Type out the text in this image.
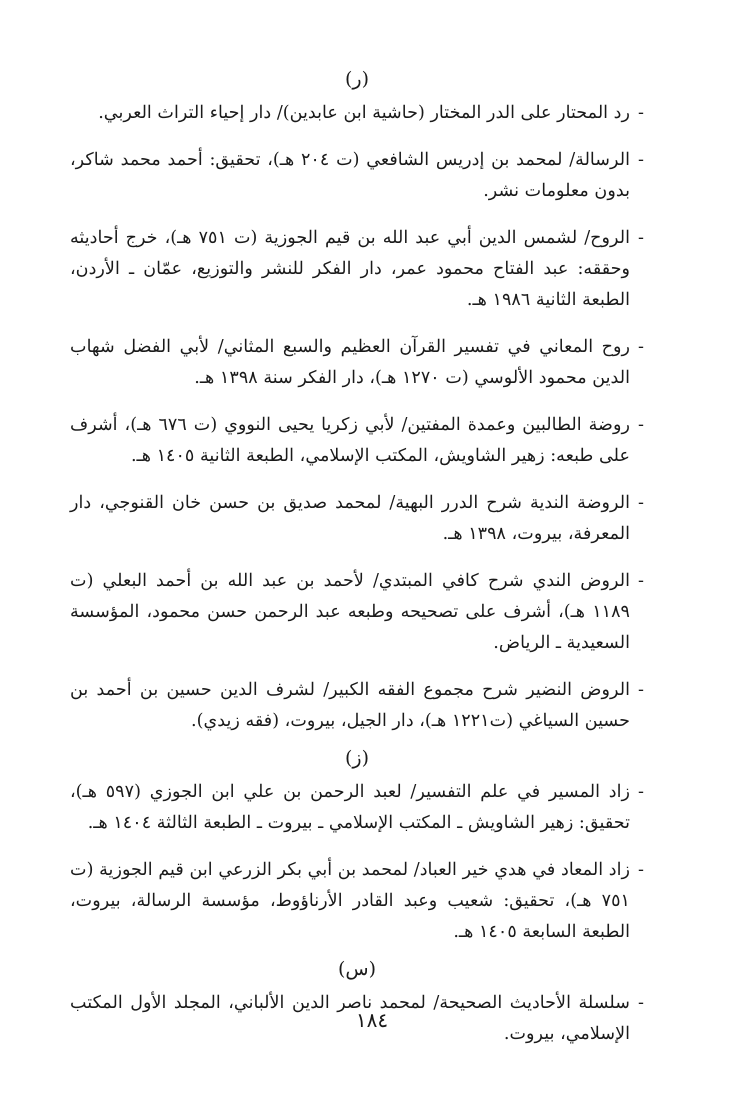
(ر)

-
رد المحتار على الدر المختار (حاشية ابن عابدين)/ دار إحياء التراث العربي.

-
الرسالة/ لمحمد بن إدريس الشافعي (ت ٢٠٤ هـ)، تحقيق: أحمد محمد شاكر، بدون معلومات نشر.

-
الروح/ لشمس الدين أبي عبد الله بن قيم الجوزية (ت ٧٥١ هـ)، خرج أحاديثه وحققه: عبد الفتاح محمود عمر، دار الفكر للنشر والتوزيع، عمّان ـ الأردن، الطبعة الثانية ١٩٨٦ هـ.

-
روح المعاني في تفسير القرآن العظيم والسبع المثاني/ لأبي الفضل شهاب الدين محمود الألوسي (ت ١٢٧٠ هـ)، دار الفكر سنة ١٣٩٨ هـ.

-
روضة الطالبين وعمدة المفتين/ لأبي زكريا يحيى النووي (ت ٦٧٦ هـ)، أشرف على طبعه: زهير الشاويش، المكتب الإسلامي، الطبعة الثانية ١٤٠٥ هـ.

-
الروضة الندية شرح الدرر البهية/ لمحمد صديق بن حسن خان القنوجي، دار المعرفة، بيروت، ١٣٩٨ هـ.

-
الروض الندي شرح كافي المبتدي/ لأحمد بن عبد الله بن أحمد البعلي (ت ١١٨٩ هـ)، أشرف على تصحيحه وطبعه عبد الرحمن حسن محمود، المؤسسة السعيدية ـ الرياض.

-
الروض النضير شرح مجموع الفقه الكبير/ لشرف الدين حسين بن أحمد بن حسين السياغي (ت١٢٢١ هـ)، دار الجيل، بيروت، (فقه زيدي).

(ز)

-
زاد المسير في علم التفسير/ لعبد الرحمن بن علي ابن الجوزي (٥٩٧ هـ)، تحقيق: زهير الشاويش ـ المكتب الإسلامي ـ بيروت ـ الطبعة الثالثة ١٤٠٤ هـ.

-
زاد المعاد في هدي خير العباد/ لمحمد بن أبي بكر الزرعي ابن قيم الجوزية (ت ٧٥١ هـ)، تحقيق: شعيب وعبد القادر الأرناؤوط، مؤسسة الرسالة، بيروت، الطبعة السابعة ١٤٠٥ هـ.

(س)

-
سلسلة الأحاديث الصحيحة/ لمحمد ناصر الدين الألباني، المجلد الأول المكتب الإسلامي، بيروت.

١٨٤
